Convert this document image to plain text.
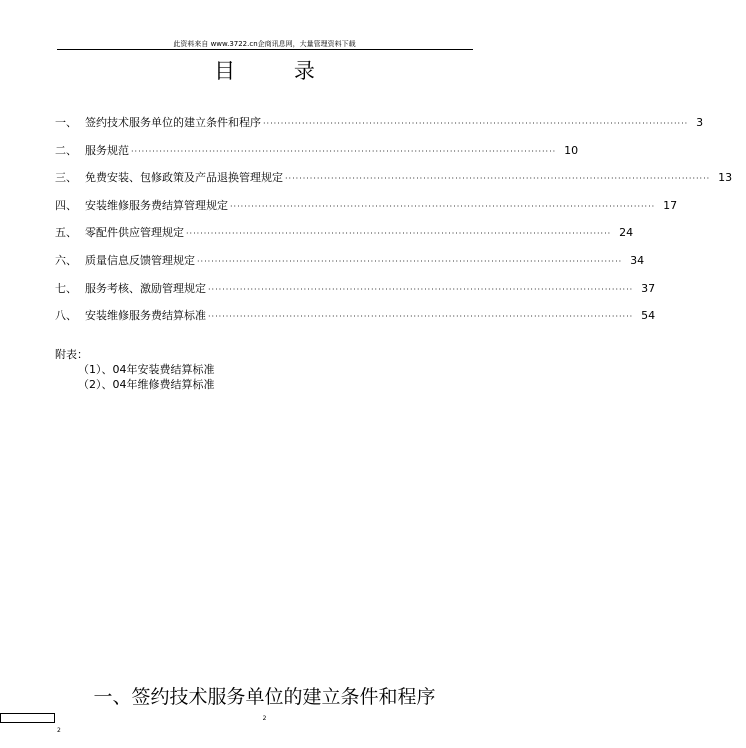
此资料来自 www.3722.cn企商讯息网，大量管理资料下载
目 录
一、 签约技术服务单位的建立条件和程序 ························································································································ 3
二、 服务规范 ························································································································ 10
三、 免费安装、包修政策及产品退换管理规定 ························································································································ 13
四、 安装维修服务费结算管理规定 ························································································································ 17
五、 零配件供应管理规定 ························································································································ 24
六、 质量信息反馈管理规定 ························································································································ 34
七、 服务考核、激励管理规定 ························································································································ 37
八、 安装维修服务费结算标准 ························································································································ 54
附表：
（1）、04年安装费结算标准
（2）、04年维修费结算标准
一、签约技术服务单位的建立条件和程序
2
2
